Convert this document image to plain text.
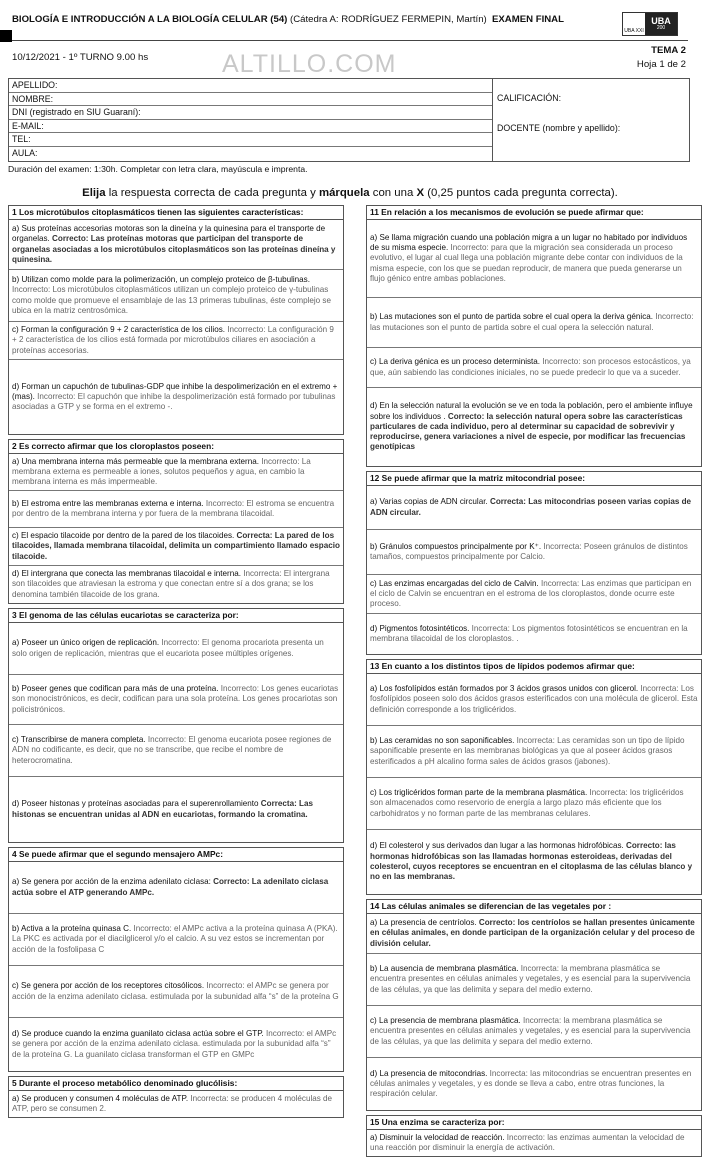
BIOLOGÍA E INTRODUCCIÓN A LA BIOLOGÍA CELULAR (54) (Cátedra A: RODRÍGUEZ FERMEPIN, Martín) EXAMEN FINAL
UBA XXI
UBA
200
10/12/2021 - 1º TURNO 9.00 hs	ALTILLO.COM	TEMA 2
Hoja 1 de 2
APELLIDO:
NOMBRE:
DNI (registrado en SIU Guaraní):
E-MAIL:
TEL:
AULA:
CALIFICACIÓN:
DOCENTE (nombre y apellido):
Duración del examen: 1:30h. Completar con letra clara, mayúscula e imprenta.
Elija la respuesta correcta de cada pregunta y márquela con una X (0,25 puntos cada pregunta correcta).
1 Los microtúbulos citoplasmáticos tienen las siguientes características:
a) Sus proteínas accesorias motoras son la dineína y la quinesina para el transporte de organelas. Correcto: Las proteínas motoras que participan del transporte de organelas asociadas a los microtúbulos citoplasmáticos son las proteínas dineína y quinesina.
b) Utilizan como molde para la polimerización, un complejo proteico de β-tubulinas. Incorrecto: Los microtúbulos citoplasmáticos utilizan un complejo proteico de γ-tubulinas como molde que promueve el ensamblaje de las 13 primeras tubulinas, éste complejo se ubica en la matriz centrosómica.
c) Forman la configuración 9 + 2 característica de los cilios. Incorrecto: La configuración 9 + 2 característica de los cilios está formada por microtúbulos ciliares en asociación a proteínas accesorias.
d) Forman un capuchón de tubulinas-GDP que inhibe la despolimerización en el extremo + (mas). Incorrecto: El capuchón que inhibe la despolimerización está formado por tubulinas asociadas a GTP y se forma en el extremo -.
2 Es correcto afirmar que los cloroplastos poseen:
a) Una membrana interna más permeable que la membrana externa. Incorrecto: La membrana externa es permeable a iones, solutos pequeños y agua, en cambio la membrana interna es más impermeable.
b) El estroma entre las membranas externa e interna. Incorrecto: El estroma se encuentra por dentro de la membrana interna y por fuera de la membrana tilacoidal.
c) El espacio tilacoide por dentro de la pared de los tilacoides. Correcta: La pared de los tilacoides, llamada membrana tilacoidal, delimita un compartimiento llamado espacio tilacoide.
d) El intergrana que conecta las membranas tilacoidal e interna. Incorrecta: El intergrana son tilacoides que atraviesan la estroma y que conectan entre sí a dos grana; se los denomina también tilacoide de los grana.
3 El genoma de las células eucariotas se caracteriza por:
a) Poseer un único origen de replicación. Incorrecto: El genoma procariota presenta un solo origen de replicación, mientras que el eucariota posee múltiples orígenes.
b) Poseer genes que codifican para más de una proteína. Incorrecto: Los genes eucariotas son monocistrónicos, es decir, codifican para una sola proteína. Los genes procariotas son policistrónicos.
c) Transcribirse de manera completa. Incorrecto: El genoma eucariota posee regiones de ADN no codificante, es decir, que no se transcribe, que recibe el nombre de heterocromatina.
d) Poseer histonas y proteínas asociadas para el superenrollamiento Correcta: Las histonas se encuentran unidas al ADN en eucariotas, formando la cromatina.
4 Se puede afirmar que el segundo mensajero AMPc:
a) Se genera por acción de la enzima adenilato ciclasa: Correcto: La adenilato ciclasa actúa sobre el ATP generando AMPc.
b) Activa a la proteína quinasa C. Incorrecto: el AMPc activa a la proteína quinasa A (PKA). La PKC es activada por el diacilglicerol y/o el calcio. A su vez estos se incrementan por acción de la fosfolipasa C
c) Se genera por acción de los receptores citosólicos. Incorrecto: el AMPc se genera por acción de la enzima adenilato ciclasa. estimulada por la subunidad alfa “s” de la proteína G
d) Se produce cuando la enzima guanilato ciclasa actúa sobre el GTP. Incorrecto: el AMPc se genera por acción de la enzima adenilato ciclasa. estimulada por la subunidad alfa “s” de la proteína G. La guanilato ciclasa transforman el GTP en GMPc
5 Durante el proceso metabólico denominado glucólisis:
a) Se producen y consumen 4 moléculas de ATP. Incorrecta: se producen 4 moléculas de ATP, pero se consumen 2.
11 En relación a los mecanismos de evolución se puede afirmar que:
a) Se llama migración cuando una población migra a un lugar no habitado por individuos de su misma especie. Incorrecto: para que la migración sea considerada un proceso evolutivo, el lugar al cual llega una población migrante debe contar con individuos de la misma especie, con los que se puedan reproducir, de manera que pueda generarse un flujo génico entre ambas poblaciones.
b) Las mutaciones son el punto de partida sobre el cual opera la deriva génica. Incorrecto: las mutaciones son el punto de partida sobre el cual opera la selección natural.
c) La deriva génica es un proceso determinista. Incorrecto: son procesos estocásticos, ya que, aún sabiendo las condiciones iniciales, no se puede predecir lo que va a suceder.
d) En la selección natural la evolución se ve en toda la población, pero el ambiente influye sobre los individuos . Correcto: la selección natural opera sobre las características particulares de cada individuo, pero al determinar su capacidad de sobrevivir y reproducirse, genera variaciones a nivel de especie, por modificar las frecuencias genotípicas
12 Se puede afirmar que la matriz mitocondrial posee:
a) Varias copias de ADN circular. Correcta: Las mitocondrias poseen varias copias de ADN circular.
b) Gránulos compuestos principalmente por K⁺. Incorrecta: Poseen gránulos de distintos tamaños, compuestos principalmente por Calcio.
c) Las enzimas encargadas del ciclo de Calvin. Incorrecta: Las enzimas que participan en el ciclo de Calvin se encuentran en el estroma de los cloroplastos, donde ocurre este proceso.
d) Pigmentos fotosintéticos. Incorrecta: Los pigmentos fotosintéticos se encuentran en la membrana tilacoidal de los cloroplastos. .
13 En cuanto a los distintos tipos de lípidos podemos afirmar que:
a) Los fosfolípidos están formados por 3 ácidos grasos unidos con glicerol. Incorrecta: Los fosfolípidos poseen solo dos ácidos grasos esterificados con una molécula de glicerol. Esta definición corresponde a los triglicéridos.
b) Las ceramidas no son saponificables. Incorrecta: Las ceramidas son un tipo de lípido saponificable presente en las membranas biológicas ya que al poseer ácidos grasos esterificados a pH alcalino forma sales de ácidos grasos (jabones).
c) Los triglicéridos forman parte de la membrana plasmática. Incorrecta: los triglicéridos son almacenados como reservorio de energía a largo plazo más eficiente que los carbohidratos y no forman parte de las membranas celulares.
d) El colesterol y sus derivados dan lugar a las hormonas hidrofóbicas. Correcto: las hormonas hidrofóbicas son las llamadas hormonas esteroideas, derivadas del colesterol, cuyos receptores se encuentran en el citoplasma de las células blanco y no en las membranas.
14 Las células animales se diferencian de las vegetales por :
a) La presencia de centríolos. Correcto: los centríolos se hallan presentes únicamente en células animales, en donde participan de la organización celular y del proceso de división celular.
b) La ausencia de membrana plasmática. Incorrecta: la membrana plasmática se encuentra presentes en células animales y vegetales, y es esencial para la supervivencia de las células, ya que las delimita y separa del medio externo.
c) La presencia de membrana plasmática. Incorrecta: la membrana plasmática se encuentra presentes en células animales y vegetales, y es esencial para la supervivencia de las células, ya que las delimita y separa del medio externo.
d) La presencia de mitocondrias. Incorrecta: las mitocondrias se encuentran presentes en células animales y vegetales, y es donde se lleva a cabo, entre otras funciones, la respiración celular.
15 Una enzima se caracteriza por:
a) Disminuir la velocidad de reacción. Incorrecto: las enzimas aumentan la velocidad de una reacción por disminuir la energía de activación.
